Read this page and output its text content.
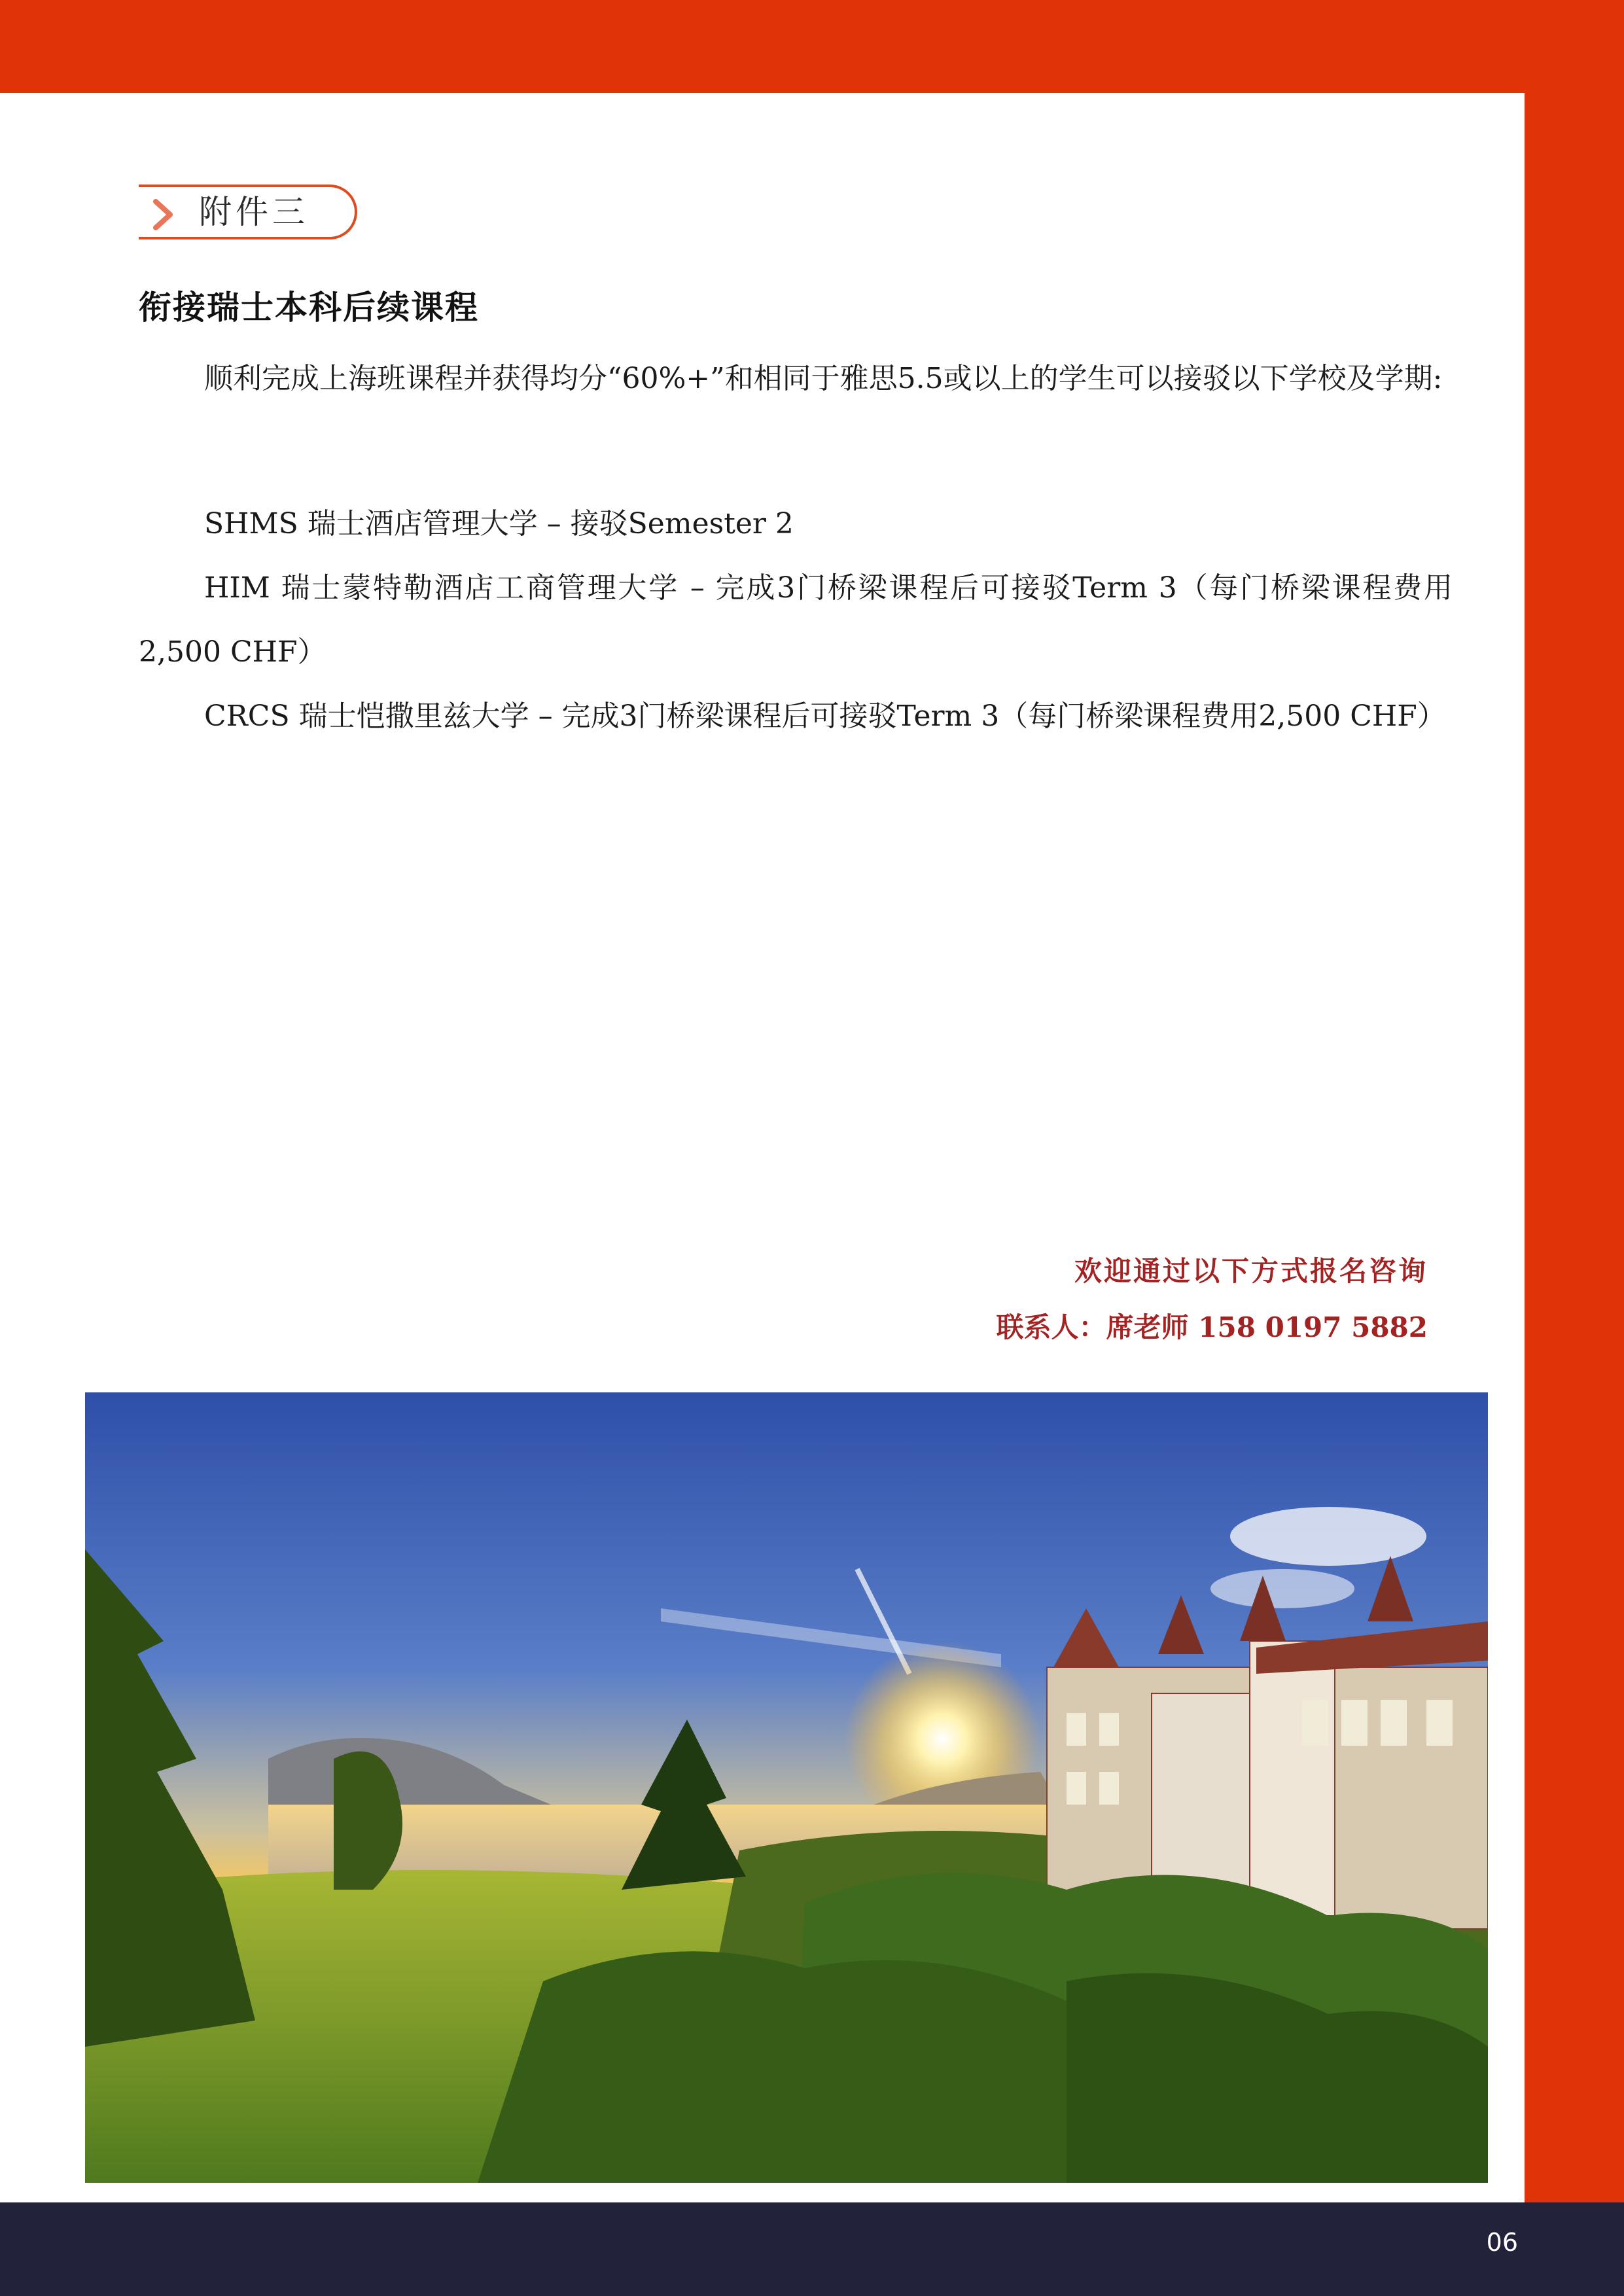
附件三
衔接瑞士本科后续课程
顺利完成上海班课程并获得均分“60%+”和相同于雅思5.5或以上的学生可以接驳以下学校及学期:
SHMS 瑞士酒店管理大学 – 接驳Semester 2
HIM 瑞士蒙特勒酒店工商管理大学 – 完成3门桥梁课程后可接驳Term 3（每门桥梁课程费用2,500 CHF）
CRCS 瑞士恺撒里兹大学 – 完成3门桥梁课程后可接驳Term 3（每门桥梁课程费用2,500 CHF）
欢迎通过以下方式报名咨询
联系人：席老师 158 0197 5882
06
